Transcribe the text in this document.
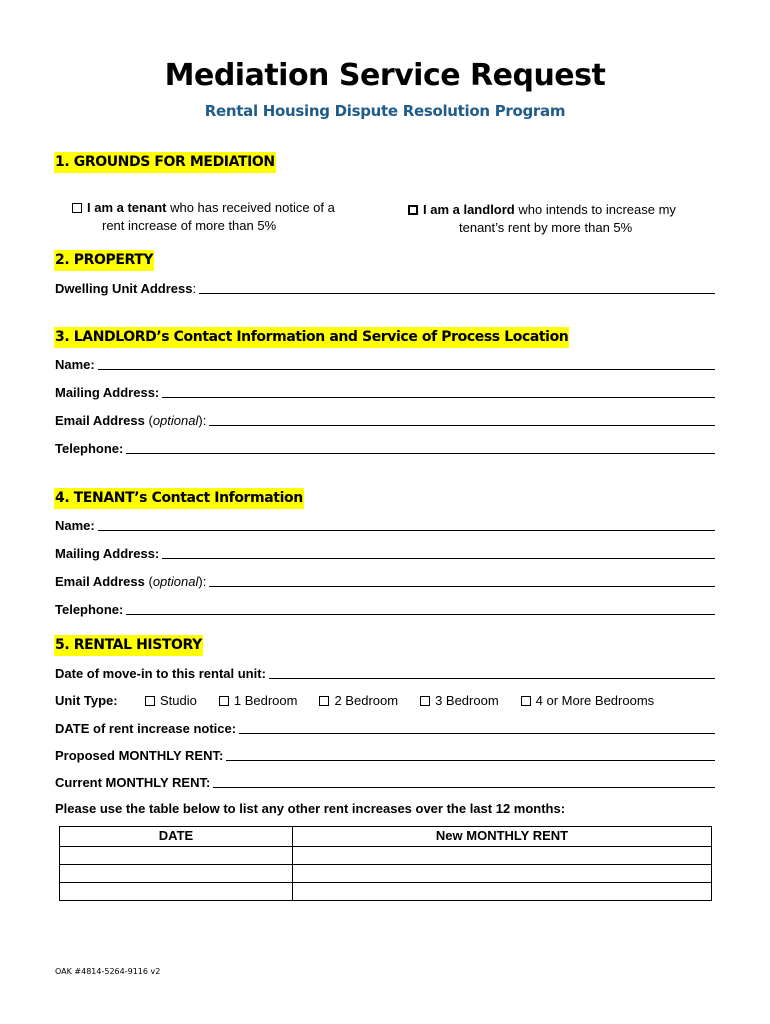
Mediation Service Request
Rental Housing Dispute Resolution Program
1. GROUNDS FOR MEDIATION
I am a tenant who has received notice of a
rent increase of more than 5%
I am a landlord who intends to increase my
tenant’s rent by more than 5%
2. PROPERTY
Dwelling Unit Address :
3. LANDLORD’s Contact Information and Service of Process Location
Name:
Mailing Address:
Email Address
( optional ):
Telephone:
4. TENANT’s Contact Information
Name:
Mailing Address:
Email Address
( optional ):
Telephone:
5. RENTAL HISTORY
Date of move-in to this rental unit:
Unit Type:	Studio	1 Bedroom	2 Bedroom	3 Bedroom	4 or More Bedrooms
DATE of rent increase notice:
Proposed MONTHLY RENT:
Current MONTHLY RENT:
Please use the table below to list any other rent increases over the last 12 months:
DATE	New MONTHLY RENT

OAK #4814-5264-9116 v2
